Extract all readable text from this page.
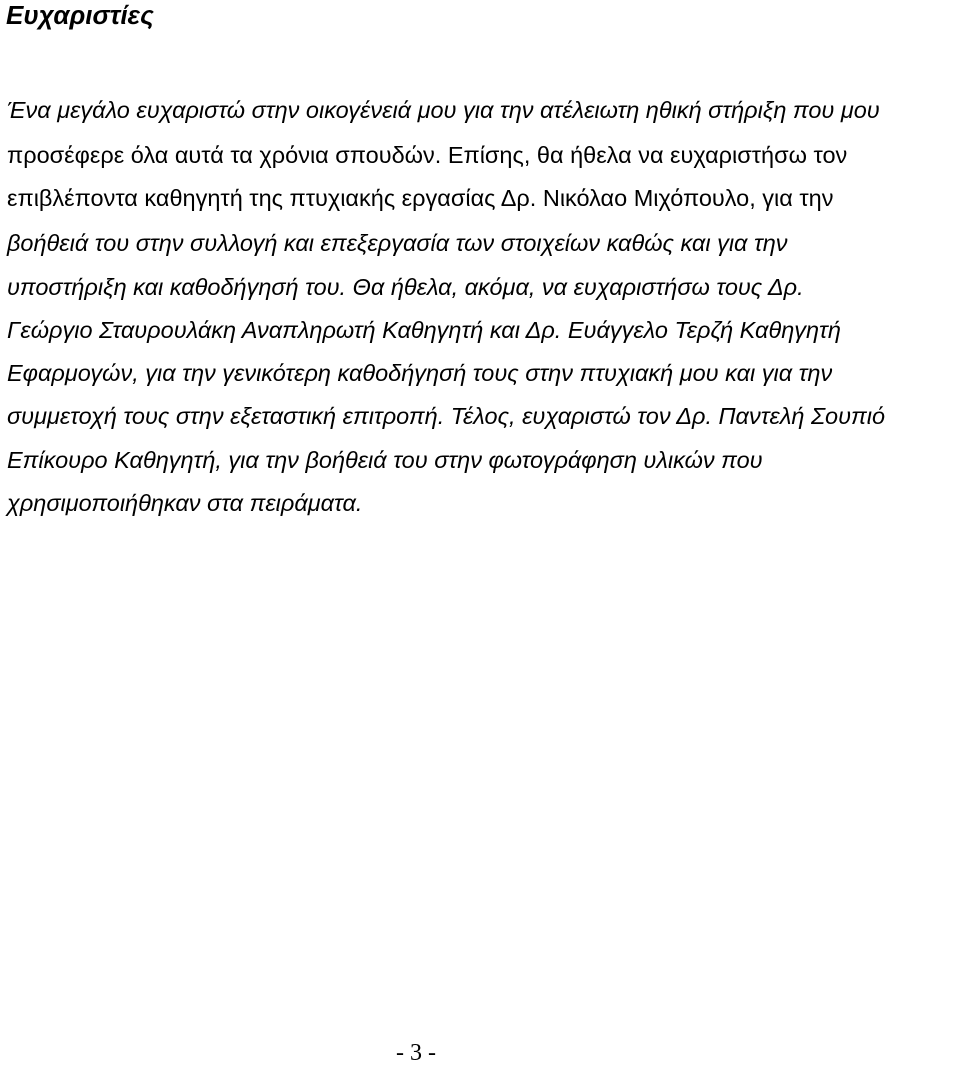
Ευχαριστίες
Ένα μεγάλο ευχαριστώ στην οικογένειά μου για την ατέλειωτη ηθική στήριξη που μου
προσέφερε όλα αυτά τα χρόνια σπουδών. Επίσης, θα ήθελα να ευχαριστήσω τον
επιβλέποντα καθηγητή της πτυχιακής εργασίας Δρ. Νικόλαο Μιχόπουλο, για την
βοήθειά του στην συλλογή και επεξεργασία των στοιχείων καθώς και για την
υποστήριξη και καθοδήγησή του. Θα ήθελα, ακόμα, να ευχαριστήσω τους Δρ.
Γεώργιο Σταυρουλάκη Αναπληρωτή Καθηγητή και Δρ. Ευάγγελο Τερζή Καθηγητή
Εφαρμογών, για την γενικότερη καθοδήγησή τους στην πτυχιακή μου και για την
συμμετοχή τους στην εξεταστική επιτροπή. Τέλος, ευχαριστώ τον Δρ. Παντελή Σουπιό
Επίκουρο Καθηγητή, για την βοήθειά του στην φωτογράφηση υλικών που
χρησιμοποιήθηκαν στα πειράματα.
- 3 -
